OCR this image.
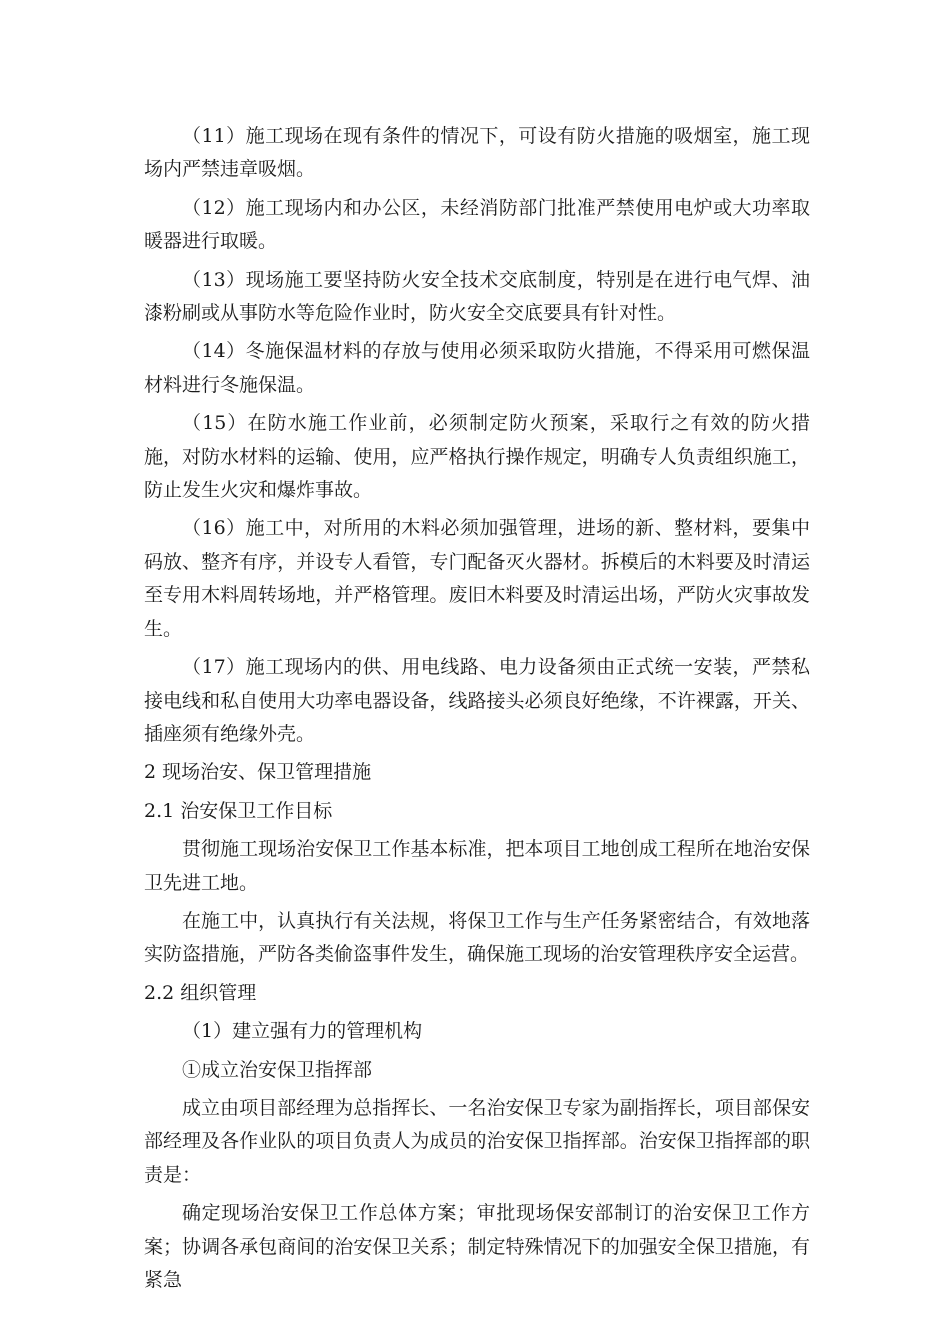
（11）施工现场在现有条件的情况下，可设有防火措施的吸烟室，施工现场内严禁违章吸烟。

（12）施工现场内和办公区，未经消防部门批准严禁使用电炉或大功率取暖器进行取暖。

（13）现场施工要坚持防火安全技术交底制度，特别是在进行电气焊、油漆粉刷或从事防水等危险作业时，防火安全交底要具有针对性。

（14）冬施保温材料的存放与使用必须采取防火措施，不得采用可燃保温材料进行冬施保温。

（15）在防水施工作业前，必须制定防火预案，采取行之有效的防火措施，对防水材料的运输、使用，应严格执行操作规定，明确专人负责组织施工，防止发生火灾和爆炸事故。

（16）施工中，对所用的木料必须加强管理，进场的新、整材料，要集中码放、整齐有序，并设专人看管，专门配备灭火器材。拆模后的木料要及时清运至专用木料周转场地，并严格管理。废旧木料要及时清运出场，严防火灾事故发生。

（17）施工现场内的供、用电线路、电力设备须由正式统一安装，严禁私接电线和私自使用大功率电器设备，线路接头必须良好绝缘，不许裸露，开关、插座须有绝缘外壳。

2 现场治安、保卫管理措施

2.1 治安保卫工作目标

贯彻施工现场治安保卫工作基本标准，把本项目工地创成工程所在地治安保卫先进工地。

在施工中，认真执行有关法规，将保卫工作与生产任务紧密结合，有效地落实防盗措施，严防各类偷盗事件发生，确保施工现场的治安管理秩序安全运营。

2.2 组织管理

（1）建立强有力的管理机构

①成立治安保卫指挥部

成立由项目部经理为总指挥长、一名治安保卫专家为副指挥长，项目部保安部经理及各作业队的项目负责人为成员的治安保卫指挥部。治安保卫指挥部的职责是：

确定现场治安保卫工作总体方案；审批现场保安部制订的治安保卫工作方案；协调各承包商间的治安保卫关系；制定特殊情况下的加强安全保卫措施，有紧急
